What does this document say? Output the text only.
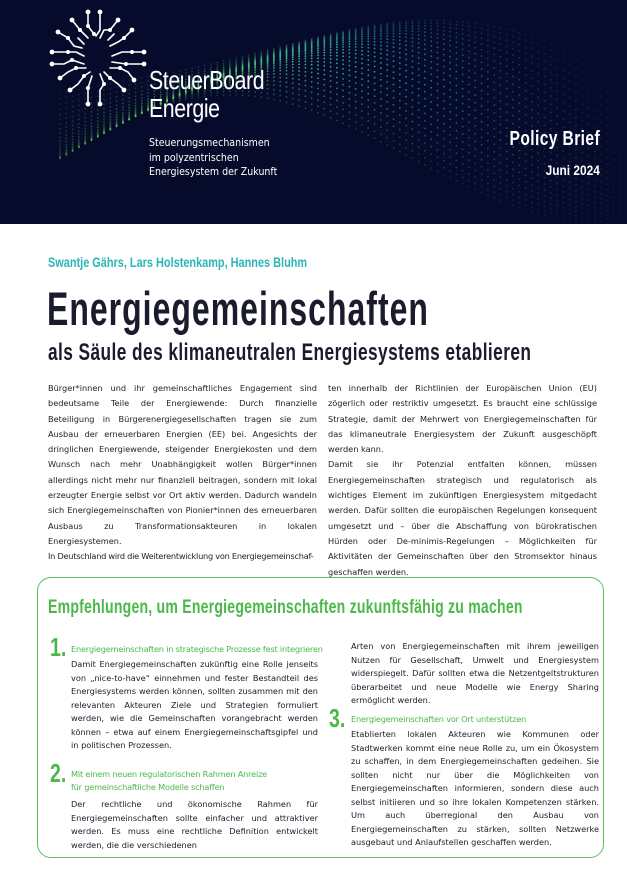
SteuerBoard
Energie
Steuerungsmechanismen
im polyzentrischen
Energiesystem der Zukunft
Policy Brief
Juni 2024
Swantje Gährs, Lars Holstenkamp, Hannes Bluhm
Energiegemeinschaften
als Säule des klimaneutralen Energiesystems etablieren

Bürger*innen und ihr gemeinschaftliches Engagement sind bedeutsame Teile der Energiewende: Durch finanzielle Beteiligung in Bürgerenergiegesellschaften tragen sie zum Ausbau der erneuerbaren Energien (EE) bei. Angesichts der dringlichen Energiewende, steigender Energiekosten und dem Wunsch nach mehr Unabhängigkeit wollen Bürger*innen allerdings nicht mehr nur finanziell beitragen, sondern mit lokal erzeugter Energie selbst vor Ort aktiv werden. Dadurch wandeln sich Energiegemeinschaften von Pionier*innen des erneuerbaren Ausbaus zu Transformationsakteuren in lokalen Energiesystemen.

In Deutschland wird die Weiterentwicklung von Energiegemeinschaf-

ten innerhalb der Richtlinien der Europäischen Union (EU) zögerlich oder restriktiv umgesetzt. Es braucht eine schlüssige Strategie, damit der Mehrwert von Energiegemeinschaften für das klimaneutrale Energiesystem der Zukunft ausgeschöpft werden kann.

Damit sie ihr Potenzial entfalten können, müssen Energiegemeinschaften strategisch und regulatorisch als wichtiges Element im zukünftigen Energiesystem mitgedacht werden. Dafür sollten die europäischen Regelungen konsequent umgesetzt und – über die Abschaffung von bürokratischen Hürden oder De-minimis-Regelungen – Möglichkeiten für Aktivitäten der Gemeinschaften über den Stromsektor hinaus geschaffen werden.

Empfehlungen, um Energiegemeinschaften zukunftsfähig zu machen
1. Energiegemeinschaften in strategische Prozesse fest integrieren

Damit Energiegemeinschaften zukünftig eine Rolle jenseits von „nice-to-have“ einnehmen und fester Bestandteil des Energiesystems werden können, sollten zusammen mit den relevanten Akteuren Ziele und Strategien formuliert werden, wie die Gemeinschaften vorangebracht werden können – etwa auf einem Energiegemeinschaftsgipfel und in politischen Prozessen.

2. Mit einem neuen regulatorischen Rahmen Anreize
für gemeinschaftliche Modelle schaffen

Der rechtliche und ökonomische Rahmen für Energiegemeinschaften sollte einfacher und attraktiver werden. Es muss eine rechtliche Definition entwickelt werden, die die verschiedenen

Arten von Energiegemeinschaften mit ihrem jeweiligen Nutzen für Gesellschaft, Umwelt und Energiesystem widerspiegelt. Dafür sollten etwa die Netzentgeltstrukturen überarbeitet und neue Modelle wie Energy Sharing ermöglicht werden.

3. Energiegemeinschaften vor Ort unterstützen

Etablierten lokalen Akteuren wie Kommunen oder Stadtwerken kommt eine neue Rolle zu, um ein Ökosystem zu schaffen, in dem Energiegemeinschaften gedeihen. Sie sollten nicht nur über die Möglichkeiten von Energiegemeinschaften informieren, sondern diese auch selbst initiieren und so ihre lokalen Kompetenzen stärken. Um auch überregional den Ausbau von Energiegemeinschaften zu stärken, sollten Netzwerke ausgebaut und Anlaufstellen geschaffen werden.
